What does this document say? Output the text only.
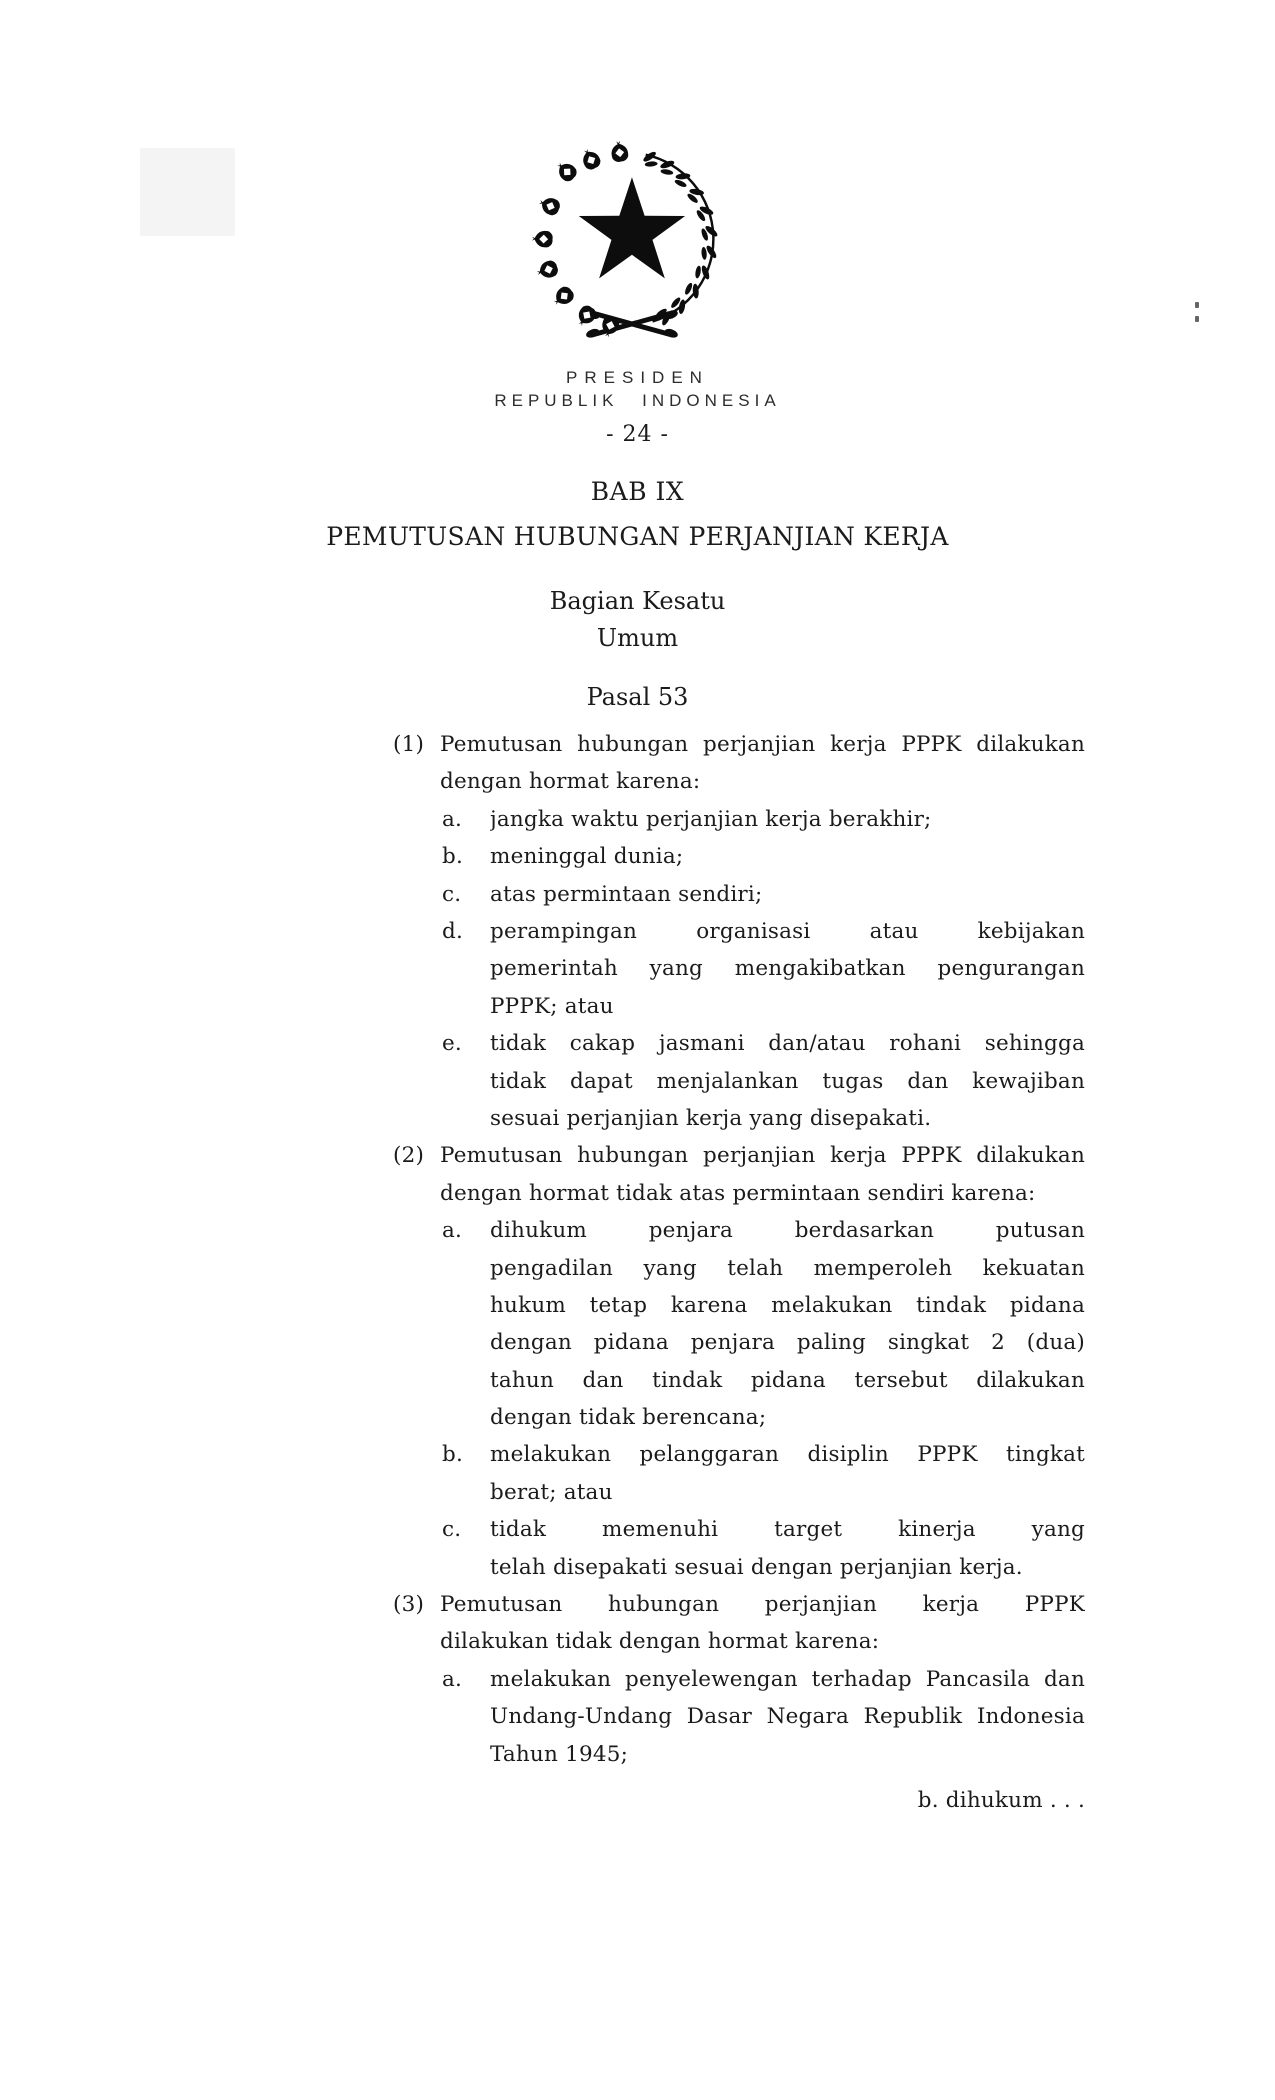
PRESIDEN
REPUBLIK INDONESIA
- 24 -
BAB IX
PEMUTUSAN HUBUNGAN PERJANJIAN KERJA
Bagian Kesatu
Umum
Pasal 53
(1) Pemutusan hubungan perjanjian kerja PPPK dilakukan
dengan hormat karena:
a.	jangka waktu perjanjian kerja berakhir;
b.	meninggal dunia;
c.	atas permintaan sendiri;
d.	perampingan organisasi atau kebijakan
pemerintah yang mengakibatkan pengurangan
PPPK; atau
e.	tidak cakap jasmani dan/atau rohani sehingga
tidak dapat menjalankan tugas dan kewajiban
sesuai perjanjian kerja yang disepakati.
(2) Pemutusan hubungan perjanjian kerja PPPK dilakukan
dengan hormat tidak atas permintaan sendiri karena:
a.	dihukum penjara berdasarkan putusan
pengadilan yang telah memperoleh kekuatan
hukum tetap karena melakukan tindak pidana
dengan pidana penjara paling singkat 2 (dua)
tahun dan tindak pidana tersebut dilakukan
dengan tidak berencana;
b.	melakukan pelanggaran disiplin PPPK tingkat
berat; atau
c.	tidak memenuhi target kinerja yang
telah disepakati sesuai dengan perjanjian kerja.
(3) Pemutusan hubungan perjanjian kerja PPPK
dilakukan tidak dengan hormat karena:
a.	melakukan penyelewengan terhadap Pancasila dan
Undang-Undang Dasar Negara Republik Indonesia
Tahun 1945;
b. dihukum . . .
